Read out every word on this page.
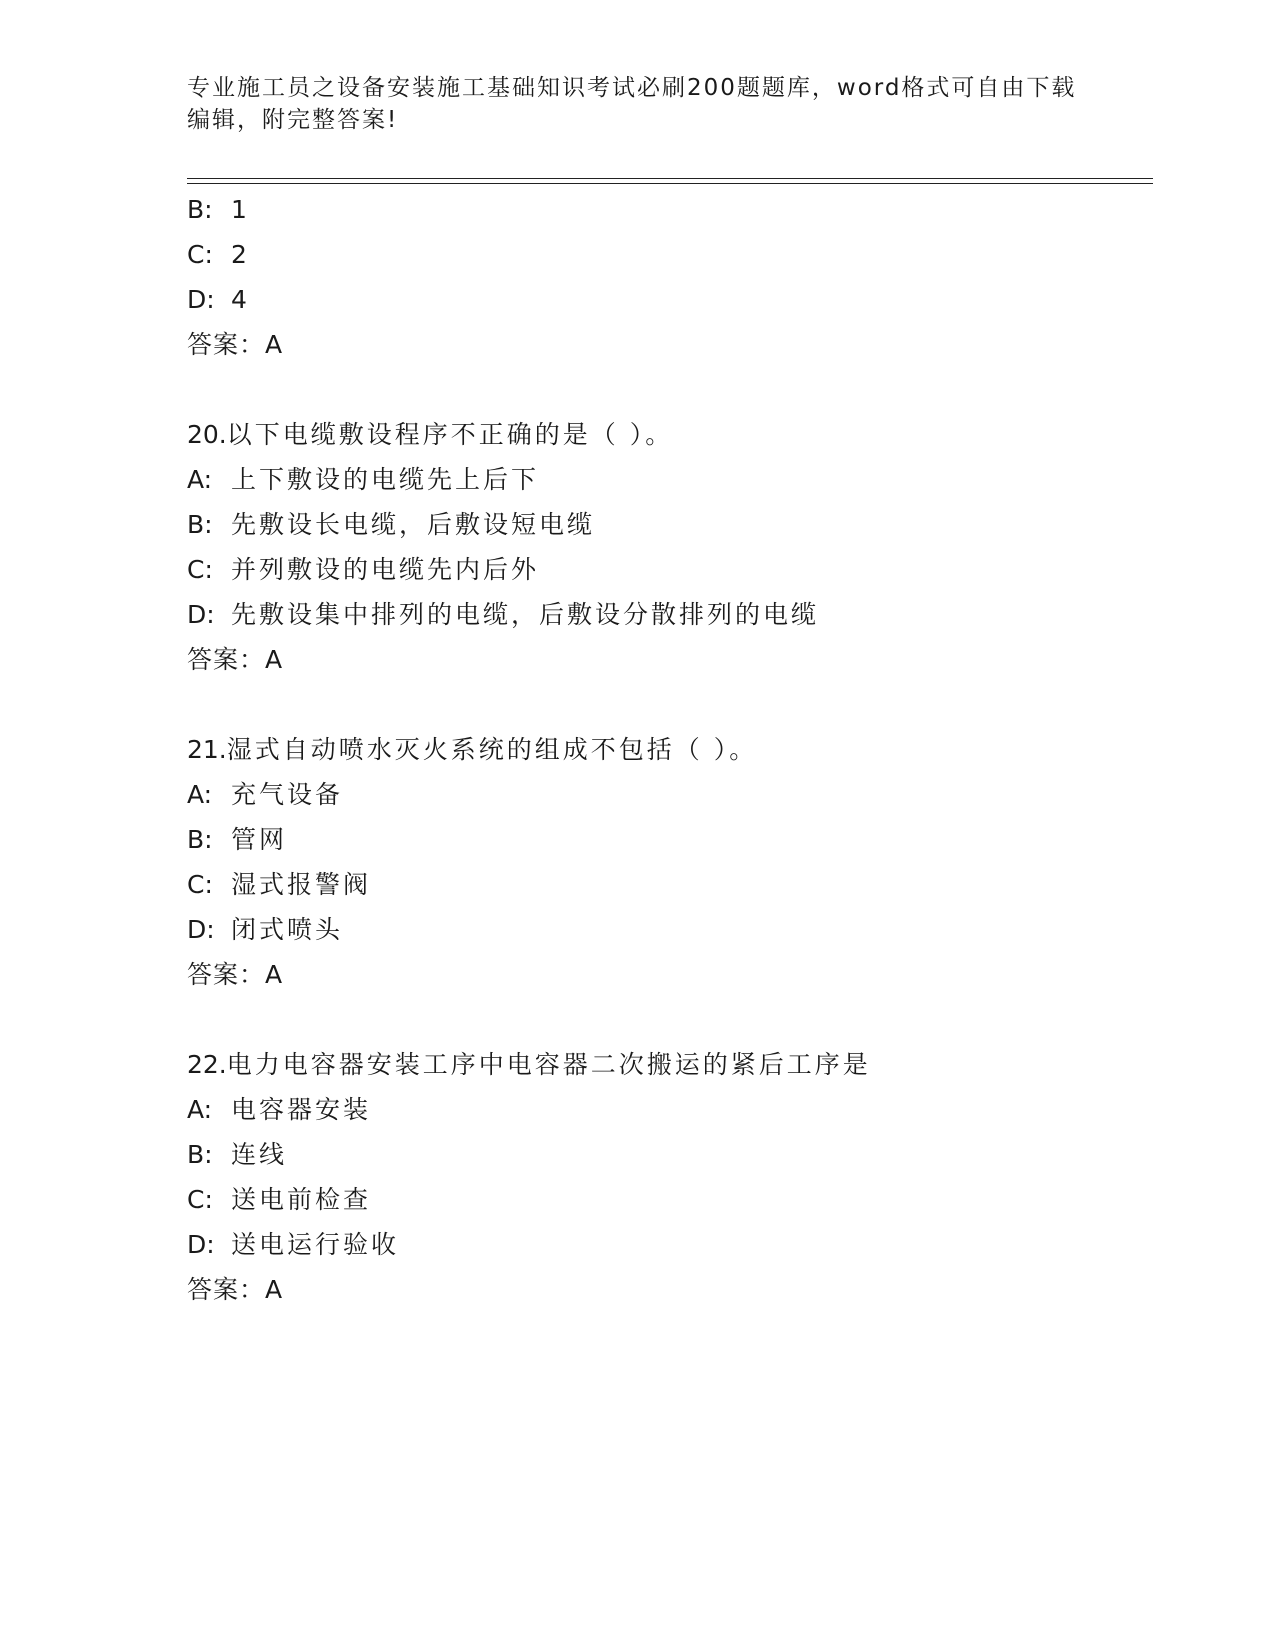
专业施工员之设备安装施工基础知识考试必刷200题题库，word格式可自由下载
编辑，附完整答案!
B: 1
C: 2
D: 4
答案：A
20.以下电缆敷设程序不正确的是（ ）。
A: 上下敷设的电缆先上后下
B: 先敷设长电缆，后敷设短电缆
C: 并列敷设的电缆先内后外
D: 先敷设集中排列的电缆，后敷设分散排列的电缆
答案：A
21.湿式自动喷水灭火系统的组成不包括（ ）。
A: 充气设备
B: 管网
C: 湿式报警阀
D: 闭式喷头
答案：A
22.电力电容器安装工序中电容器二次搬运的紧后工序是
A: 电容器安装
B: 连线
C: 送电前检查
D: 送电运行验收
答案：A
